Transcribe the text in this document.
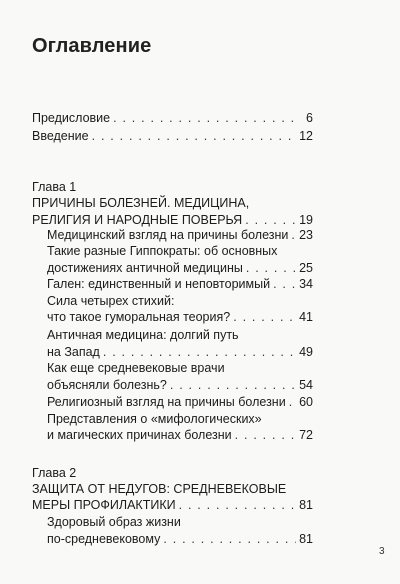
Оглавление
Предисловие . . .	6
Введение . . .	12
Глава 1
ПРИЧИНЫ БОЛЕЗНЕЙ. МЕДИЦИНА,
РЕЛИГИЯ И НАРОДНЫЕ ПОВЕРЬЯ . . .	19
Медицинский взгляд на причины болезни . . . 23
Такие разные Гиппократы: об основных
достижениях античной медицины . . .	25
Гален: единственный и неповторимый . . . 34
Сила четырех стихий:
что такое гуморальная теория? . . .	41
Античная медицина: долгий путь
на Запад . . .	49
Как еще средневековые врачи
объясняли болезнь? . . .	54
Религиозный взгляд на причины болезни . . . 60
Представления о «мифологических»
и магических причинах болезни . . .	72
Глава 2
ЗАЩИТА ОТ НЕДУГОВ: СРЕДНЕВЕКОВЫЕ
МЕРЫ ПРОФИЛАКТИКИ . . .	81
Здоровый образ жизни
по-средневековому . . .	81
3
